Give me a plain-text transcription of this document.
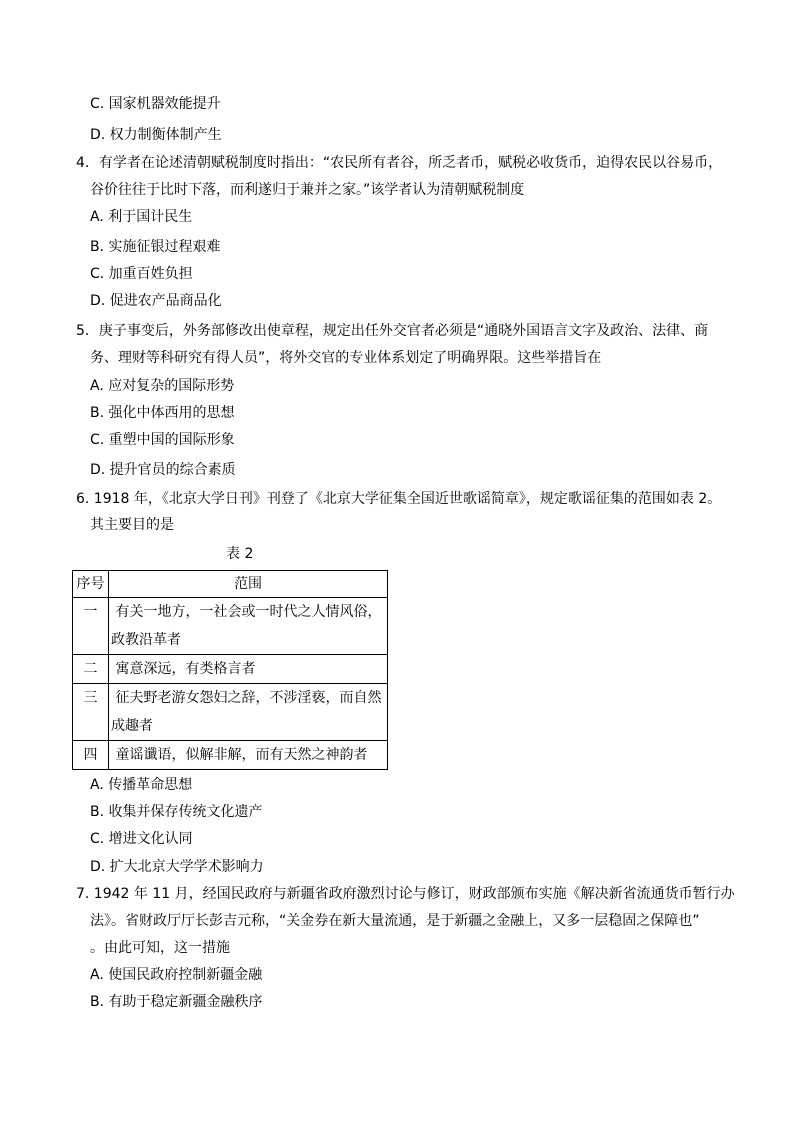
C. 国家机器效能提升
D. 权力制衡体制产生
4．有学者在论述清朝赋税制度时指出：“农民所有者谷，所乏者币，赋税必收货币，迫得农民以谷易币，
谷价往往于比时下落，而利遂归于兼并之家。”该学者认为清朝赋税制度
A. 利于国计民生
B. 实施征银过程艰难
C. 加重百姓负担
D. 促进农产品商品化
5．庚子事变后，外务部修改出使章程，规定出任外交官者必须是“通晓外国语言文字及政治、法律、商
务、理财等科研究有得人员”，将外交官的专业体系划定了明确界限。这些举措旨在
A. 应对复杂的国际形势
B. 强化中体西用的思想
C. 重塑中国的国际形象
D. 提升官员的综合素质
6. 1918 年，《北京大学日刊》刊登了《北京大学征集全国近世歌谣简章》，规定歌谣征集的范围如表 2。
其主要目的是
表 2
序号	范围
一	有关一地方，一社会或一时代之人情风俗，
政教沿革者

二	寓意深远，有类格言者

三	征夫野老游女怨妇之辞，不涉淫亵，而自然
成趣者

四	童谣谶语，似解非解，而有天然之神韵者
A. 传播革命思想
B. 收集并保存传统文化遗产
C. 增进文化认同
D. 扩大北京大学学术影响力
7. 1942 年 11 月，经国民政府与新疆省政府激烈讨论与修订，财政部颁布实施《解决新省流通货币暂行办
法》。省财政厅厅长彭吉元称，“关金券在新大量流通，是于新疆之金融上，又多一层稳固之保障也”
。由此可知，这一措施
A. 使国民政府控制新疆金融
B. 有助于稳定新疆金融秩序
